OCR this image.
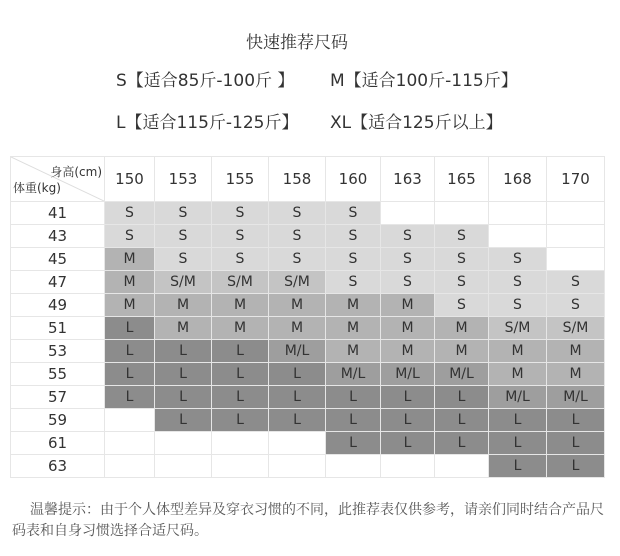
快速推荐尺码
S【适合85斤-100斤 】 M【适合100斤-115斤】
L【适合115斤-125斤】 XL【适合125斤以上】
身高(cm)
体重(kg)	150	153	155	158	160	163	165	168	170
41	S	S	S	S	S				
43	S	S	S	S	S	S	S		
45	M	S	S	S	S	S	S	S	
47	M	S/M	S/M	S/M	S	S	S	S	S
49	M	M	M	M	M	M	S	S	S
51	L	M	M	M	M	M	M	S/M	S/M
53	L	L	L	M/L	M	M	M	M	M
55	L	L	L	L	M/L	M/L	M/L	M	M
57	L	L	L	L	L	L	L	M/L	M/L
59		L	L	L	L	L	L	L	L
61					L	L	L	L	L
63								L	L
温馨提示：由于个人体型差异及穿衣习惯的不同，此推荐表仅供参考，请亲们同时结合产品尺码表和自身习惯选择合适尺码。
